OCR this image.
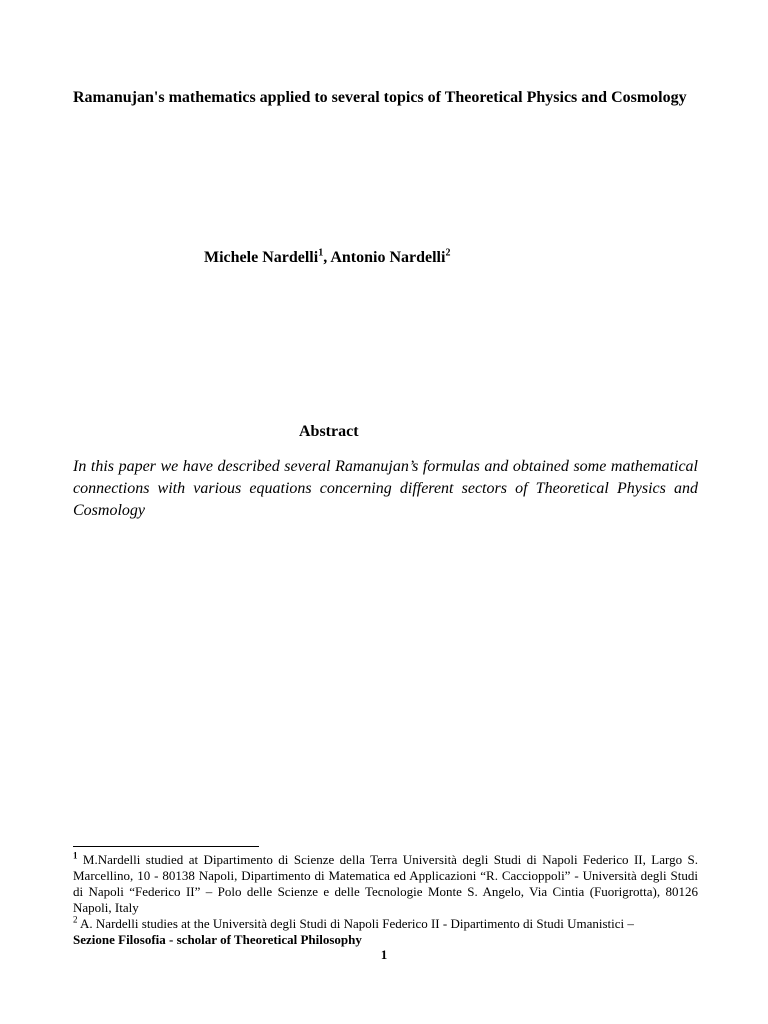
Ramanujan's mathematics applied to several topics of Theoretical Physics and Cosmology
Michele Nardelli$^1$, Antonio Nardelli$^2$
Abstract

In this paper we have described several Ramanujan’s formulas and obtained some mathematical connections with various equations concerning different sectors of Theoretical Physics and Cosmology

$^1$ M.Nardelli studied at Dipartimento di Scienze della Terra Università degli Studi di Napoli Federico II, Largo S. Marcellino, 10 - 80138 Napoli, Dipartimento di Matematica ed Applicazioni “R. Caccioppoli” - Università degli Studi di Napoli “Federico II” – Polo delle Scienze e delle Tecnologie Monte S. Angelo, Via Cintia (Fuorigrotta), 80126 Napoli, Italy

$^2$ A. Nardelli studies at the Università degli Studi di Napoli Federico II - Dipartimento di Studi Umanistici –
Sezione Filosofia - scholar of Theoretical Philosophy

1
